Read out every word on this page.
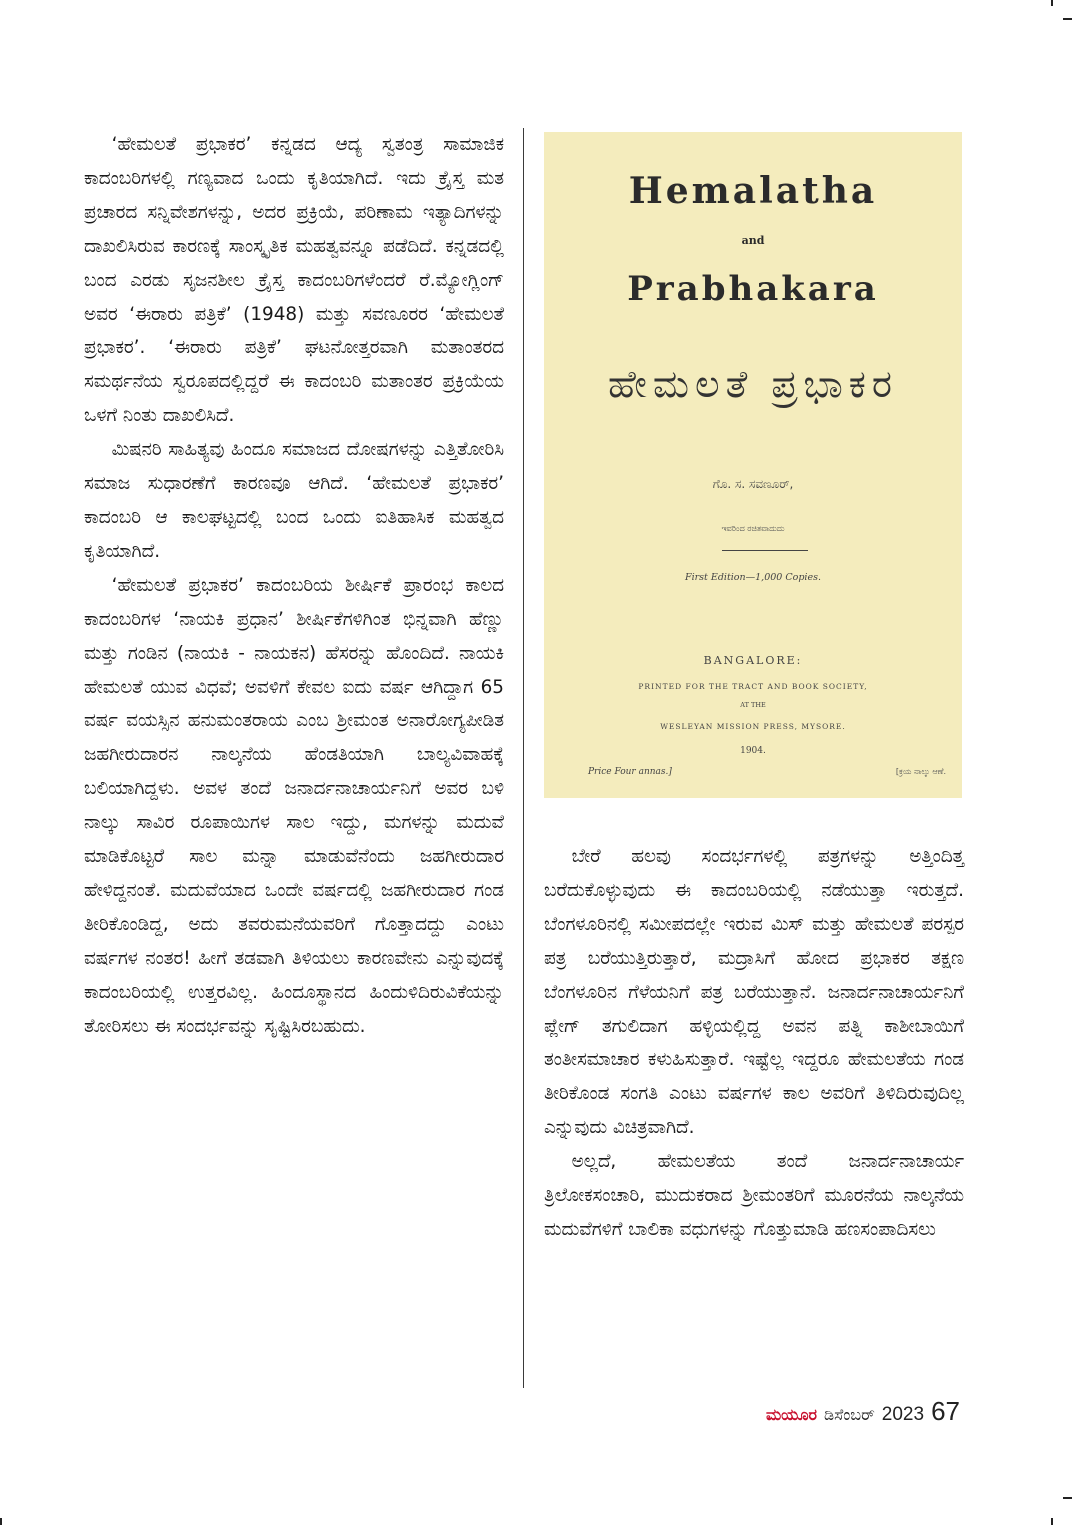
‘ಹೇಮಲತೆ ಪ್ರಭಾಕರ’ ಕನ್ನಡದ ಆದ್ಯ ಸ್ವತಂತ್ರ ಸಾಮಾಜಿಕ ಕಾದಂಬರಿಗಳಲ್ಲಿ ಗಣ್ಯವಾದ ಒಂದು ಕೃತಿಯಾಗಿದೆ. ಇದು ಕ್ರೈಸ್ತ ಮತ ಪ್ರಚಾರದ ಸನ್ನಿವೇಶಗಳನ್ನು, ಅದರ ಪ್ರಕ್ರಿಯೆ, ಪರಿಣಾಮ ಇತ್ಯಾದಿಗಳನ್ನು ದಾಖಲಿಸಿರುವ ಕಾರಣಕ್ಕೆ ಸಾಂಸ್ಕೃತಿಕ ಮಹತ್ವವನ್ನೂ ಪಡೆದಿದೆ. ಕನ್ನಡದಲ್ಲಿ ಬಂದ ಎರಡು ಸೃಜನಶೀಲ ಕ್ರೈಸ್ತ ಕಾದಂಬರಿಗಳೆಂದರೆ ರೆ.ಮ್ಯೋಗ್ಲಿಂಗ್ ಅವರ ‘ಈರಾರು ಪತ್ರಿಕೆ’ (1948) ಮತ್ತು ಸವಣೂರರ ‘ಹೇಮಲತೆ ಪ್ರಭಾಕರ’. ‘ಈರಾರು ಪತ್ರಿಕೆ’ ಘಟನೋತ್ತರವಾಗಿ ಮತಾಂತರದ ಸಮರ್ಥನೆಯ ಸ್ವರೂಪದಲ್ಲಿದ್ದರೆ ಈ ಕಾದಂಬರಿ ಮತಾಂತರ ಪ್ರಕ್ರಿಯೆಯ ಒಳಗೆ ನಿಂತು ದಾಖಲಿಸಿದೆ.

ಮಿಷನರಿ ಸಾಹಿತ್ಯವು ಹಿಂದೂ ಸಮಾಜದ ದೋಷಗಳನ್ನು ಎತ್ತಿತೋರಿಸಿ ಸಮಾಜ ಸುಧಾರಣೆಗೆ ಕಾರಣವೂ ಆಗಿದೆ. ‘ಹೇಮಲತೆ ಪ್ರಭಾಕರ’ ಕಾದಂಬರಿ ಆ ಕಾಲಘಟ್ಟದಲ್ಲಿ ಬಂದ ಒಂದು ಐತಿಹಾಸಿಕ ಮಹತ್ವದ ಕೃತಿಯಾಗಿದೆ.

‘ಹೇಮಲತೆ ಪ್ರಭಾಕರ’ ಕಾದಂಬರಿಯ ಶೀರ್ಷಿಕೆ ಪ್ರಾರಂಭ ಕಾಲದ ಕಾದಂಬರಿಗಳ ‘ನಾಯಕಿ ಪ್ರಧಾನ’ ಶೀರ್ಷಿಕೆಗಳಿಗಿಂತ ಭಿನ್ನವಾಗಿ ಹೆಣ್ಣು ಮತ್ತು ಗಂಡಿನ (ನಾಯಕಿ - ನಾಯಕನ) ಹೆಸರನ್ನು ಹೊಂದಿದೆ. ನಾಯಕಿ ಹೇಮಲತೆ ಯುವ ವಿಧವೆ; ಅವಳಿಗೆ ಕೇವಲ ಐದು ವರ್ಷ ಆಗಿದ್ದಾಗ 65 ವರ್ಷ ವಯಸ್ಸಿನ ಹನುಮಂತರಾಯ ಎಂಬ ಶ್ರೀಮಂತ ಅನಾರೋಗ್ಯಪೀಡಿತ ಜಹಗೀರುದಾರನ ನಾಲ್ಕನೆಯ ಹೆಂಡತಿಯಾಗಿ ಬಾಲ್ಯವಿವಾಹಕ್ಕೆ ಬಲಿಯಾಗಿದ್ದಳು. ಅವಳ ತಂದೆ ಜನಾರ್ದನಾಚಾರ್ಯನಿಗೆ ಅವರ ಬಳಿ ನಾಲ್ಕು ಸಾವಿರ ರೂಪಾಯಿಗಳ ಸಾಲ ಇದ್ದು, ಮಗಳನ್ನು ಮದುವೆ ಮಾಡಿಕೊಟ್ಟರೆ ಸಾಲ ಮನ್ನಾ ಮಾಡುವೆನೆಂದು ಜಹಗೀರುದಾರ ಹೇಳಿದ್ದನಂತೆ. ಮದುವೆಯಾದ ಒಂದೇ ವರ್ಷದಲ್ಲಿ ಜಹಗೀರುದಾರ ಗಂಡ ತೀರಿಕೊಂಡಿದ್ದ, ಅದು ತವರುಮನೆಯವರಿಗೆ ಗೊತ್ತಾದದ್ದು ಎಂಟು ವರ್ಷಗಳ ನಂತರ! ಹೀಗೆ ತಡವಾಗಿ ತಿಳಿಯಲು ಕಾರಣವೇನು ಎನ್ನುವುದಕ್ಕೆ ಕಾದಂಬರಿಯಲ್ಲಿ ಉತ್ತರವಿಲ್ಲ. ಹಿಂದೂಸ್ಥಾನದ ಹಿಂದುಳಿದಿರುವಿಕೆಯನ್ನು ತೋರಿಸಲು ಈ ಸಂದರ್ಭವನ್ನು ಸೃಷ್ಟಿಸಿರಬಹುದು.

Hemalatha
and
Prabhakara
ಹೇಮಲತೆ ಪ್ರಭಾಕರ
ಗೊ. ಸ. ಸವಣೂರ್,
ಇವರಿಂದ ರಚಿತವಾದುದು
First Edition—1,000 Copies.
BANGALORE:
PRINTED FOR THE TRACT AND BOOK SOCIETY,
AT THE
WESLEYAN MISSION PRESS, MYSORE.
1904.
Price Four annas.]	[ಕ್ರಯ ನಾಲ್ಕು ಆಣೆ.

ಬೇರೆ ಹಲವು ಸಂದರ್ಭಗಳಲ್ಲಿ ಪತ್ರಗಳನ್ನು ಅತ್ತಿಂದಿತ್ತ ಬರೆದುಕೊಳ್ಳುವುದು ಈ ಕಾದಂಬರಿಯಲ್ಲಿ ನಡೆಯುತ್ತಾ ಇರುತ್ತದೆ. ಬೆಂಗಳೂರಿನಲ್ಲಿ ಸಮೀಪದಲ್ಲೇ ಇರುವ ಮಿಸ್ ಮತ್ತು ಹೇಮಲತೆ ಪರಸ್ಪರ ಪತ್ರ ಬರೆಯುತ್ತಿರುತ್ತಾರೆ, ಮದ್ರಾಸಿಗೆ ಹೋದ ಪ್ರಭಾಕರ ತಕ್ಷಣ ಬೆಂಗಳೂರಿನ ಗೆಳೆಯನಿಗೆ ಪತ್ರ ಬರೆಯುತ್ತಾನೆ. ಜನಾರ್ದನಾಚಾರ್ಯನಿಗೆ ಪ್ಲೇಗ್ ತಗುಲಿದಾಗ ಹಳ್ಳಿಯಲ್ಲಿದ್ದ ಅವನ ಪತ್ನಿ ಕಾಶೀಬಾಯಿಗೆ ತಂತೀಸಮಾಚಾರ ಕಳುಹಿಸುತ್ತಾರೆ. ಇಷ್ಟೆಲ್ಲ ಇದ್ದರೂ ಹೇಮಲತೆಯ ಗಂಡ ತೀರಿಕೊಂಡ ಸಂಗತಿ ಎಂಟು ವರ್ಷಗಳ ಕಾಲ ಅವರಿಗೆ ತಿಳಿದಿರುವುದಿಲ್ಲ ಎನ್ನುವುದು ವಿಚಿತ್ರವಾಗಿದೆ.

ಅಲ್ಲದೆ, ಹೇಮಲತೆಯ ತಂದೆ ಜನಾರ್ದನಾಚಾರ್ಯ ತ್ರಿಲೋಕಸಂಚಾರಿ, ಮುದುಕರಾದ ಶ್ರೀಮಂತರಿಗೆ ಮೂರನೆಯ ನಾಲ್ಕನೆಯ ಮದುವೆಗಳಿಗೆ ಬಾಲಿಕಾ ವಧುಗಳನ್ನು ಗೊತ್ತುಮಾಡಿ ಹಣಸಂಪಾದಿಸಲು

ಮಯೂರ ಡಿಸೆಂಬರ್ 2023 67
